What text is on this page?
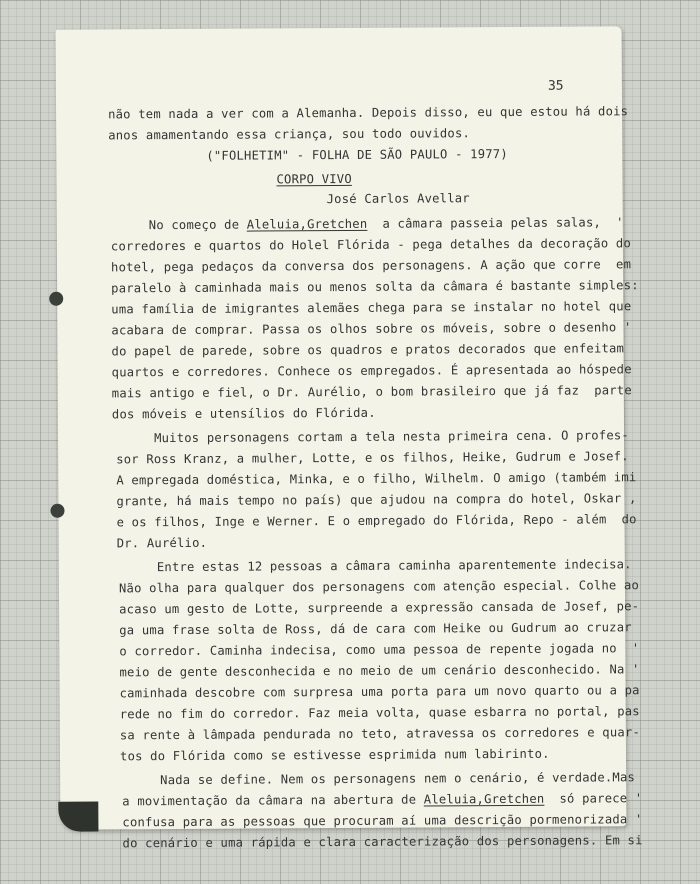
35
não tem nada a ver com a Alemanha. Depois disso, eu que estou há dois
anos amamentando essa criança, sou todo ouvidos.
("FOLHETIM" - FOLHA DE SÃO PAULO - 1977)
CORPO VIVO
José Carlos Avellar
No começo de Aleluia,Gretchen  a câmara passeia pelas salas,  '
corredores e quartos do Holel Flórida - pega detalhes da decoração do
hotel, pega pedaços da conversa dos personagens. A ação que corre  em
paralelo à caminhada mais ou menos solta da câmara é bastante simples:
uma família de imigrantes alemães chega para se instalar no hotel que
acabara de comprar. Passa os olhos sobre os móveis, sobre o desenho '
do papel de parede, sobre os quadros e pratos decorados que enfeitam
quartos e corredores. Conhece os empregados. É apresentada ao hóspede
mais antigo e fiel, o Dr. Aurélio, o bom brasileiro que já faz  parte
dos móveis e utensílios do Flórida.
Muitos personagens cortam a tela nesta primeira cena. O profes-
sor Ross Kranz, a mulher, Lotte, e os filhos, Heike, Gudrum e Josef.
A empregada doméstica, Minka, e o filho, Wilhelm. O amigo (também imi
grante, há mais tempo no país) que ajudou na compra do hotel, Oskar ,
e os filhos, Inge e Werner. E o empregado do Flórida, Repo - além  do
Dr. Aurélio.
Entre estas 12 pessoas a câmara caminha aparentemente indecisa.
Não olha para qualquer dos personagens com atenção especial. Colhe ao
acaso um gesto de Lotte, surpreende a expressão cansada de Josef, pe-
ga uma frase solta de Ross, dá de cara com Heike ou Gudrum ao cruzar
o corredor. Caminha indecisa, como uma pessoa de repente jogada no  '
meio de gente desconhecida e no meio de um cenário desconhecido. Na '
caminhada descobre com surpresa uma porta para um novo quarto ou a pa
rede no fim do corredor. Faz meia volta, quase esbarra no portal, pas
sa rente à lâmpada pendurada no teto, atravessa os corredores e quar-
tos do Flórida como se estivesse esprimida num labirinto.
Nada se define. Nem os personagens nem o cenário, é verdade.Mas
a movimentação da câmara na abertura de Aleluia,Gretchen  só parece '
confusa para as pessoas que procuram aí uma descrição pormenorizada '
do cenário e uma rápida e clara caracterização dos personagens. Em si
